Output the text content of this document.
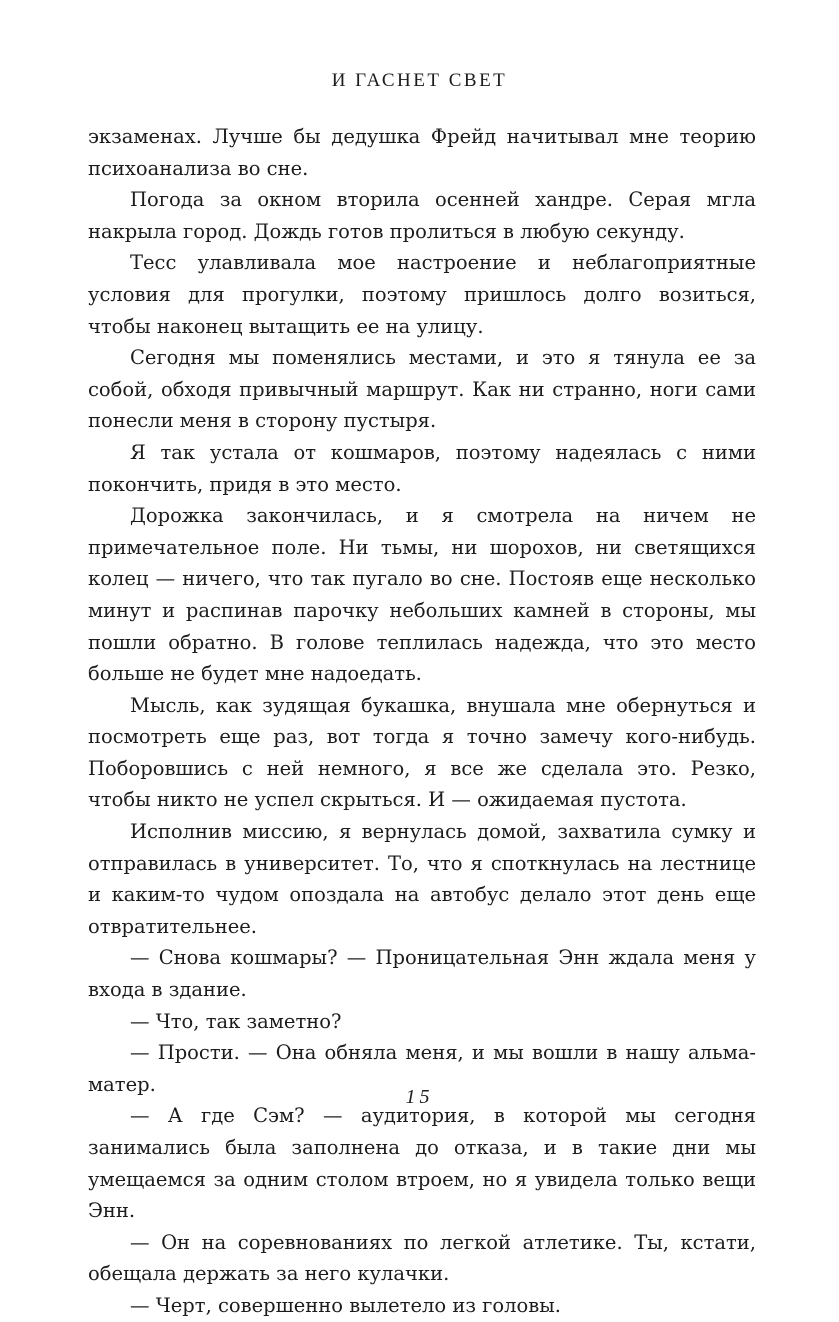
И ГАСНЕТ СВЕТ

экзаменах. Лучше бы дедушка Фрейд начитывал мне теорию психоанализа во сне.

Погода за окном вторила осенней хандре. Серая мгла накрыла город. Дождь готов пролиться в любую секунду.

Тесс улавливала мое настроение и неблагоприятные условия для прогулки, поэтому пришлось долго возиться, чтобы наконец вытащить ее на улицу.

Сегодня мы поменялись местами, и это я тянула ее за собой, обходя привычный маршрут. Как ни странно, ноги сами понесли меня в сторону пустыря.

Я так устала от кошмаров, поэтому надеялась с ними покончить, придя в это место.

Дорожка закончилась, и я смотрела на ничем не примечательное поле. Ни тьмы, ни шорохов, ни светящихся колец — ничего, что так пугало во сне. Постояв еще несколько минут и распинав парочку небольших камней в стороны, мы пошли обратно. В голове теплилась надежда, что это место больше не будет мне надоедать.

Мысль, как зудящая букашка, внушала мне обернуться и посмотреть еще раз, вот тогда я точно замечу кого-нибудь. Поборовшись с ней немного, я все же сделала это. Резко, чтобы никто не успел скрыться. И — ожидаемая пустота.

Исполнив миссию, я вернулась домой, захватила сумку и отправилась в университет. То, что я споткнулась на лестнице и каким-то чудом опоздала на автобус делало этот день еще отвратительнее.

— Снова кошмары? — Проницательная Энн ждала меня у входа в здание.

— Что, так заметно?

— Прости. — Она обняла меня, и мы вошли в нашу альма-матер.

— А где Сэм? — аудитория, в которой мы сегодня занимались была заполнена до отказа, и в такие дни мы умещаемся за одним столом втроем, но я увидела только вещи Энн.

— Он на соревнованиях по легкой атлетике. Ты, кстати, обещала держать за него кулачки.

— Черт, совершенно вылетело из головы.

15
